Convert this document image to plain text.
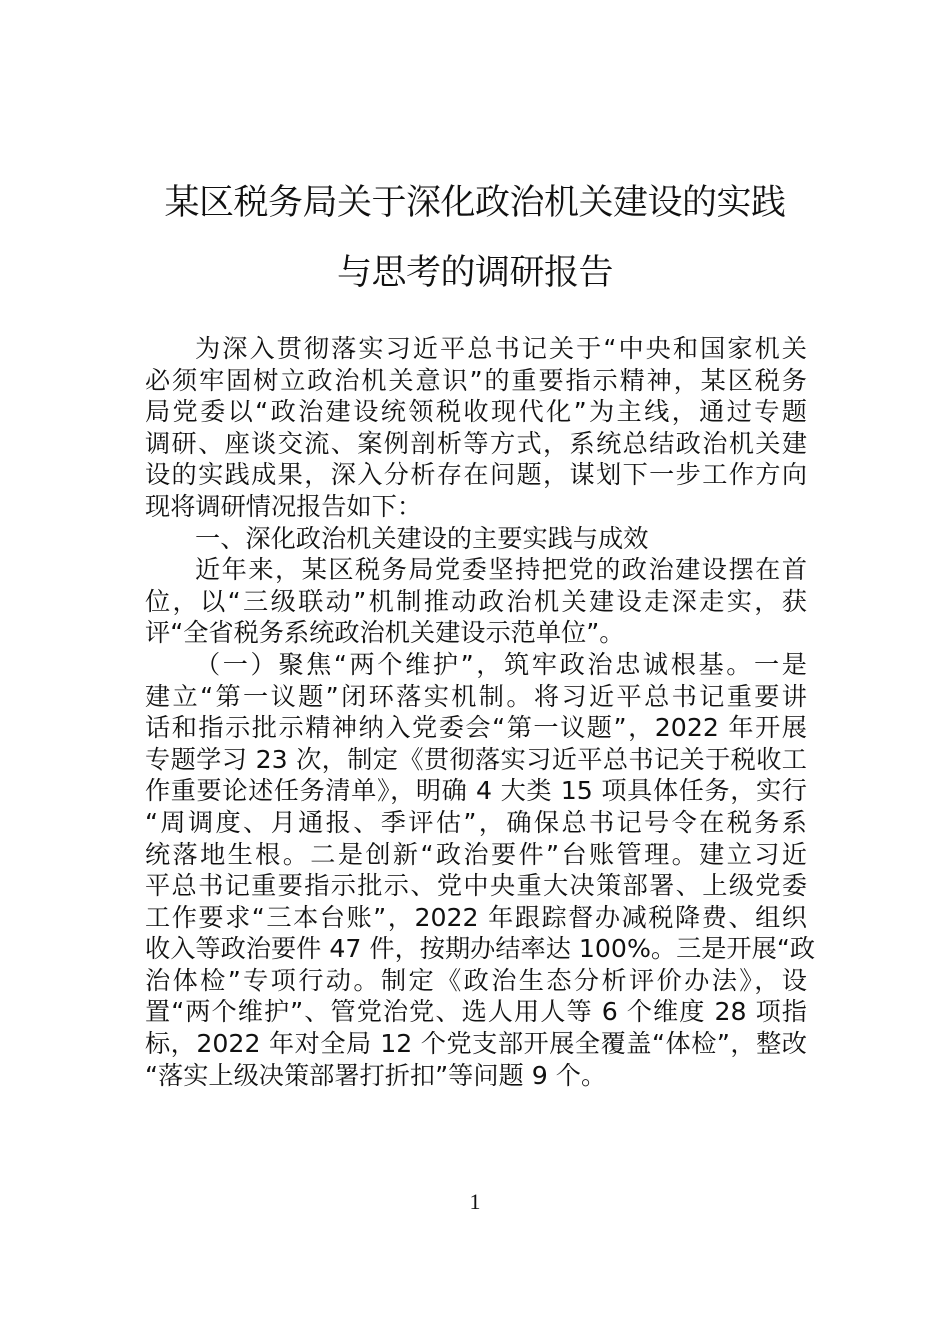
某区税务局关于深化政治机关建设的实践
与思考的调研报告
为深入贯彻落实习近平总书记关于“中央和国家机关
必须牢固树立政治机关意识”的重要指示精神，某区税务
局党委以“政治建设统领税收现代化”为主线，通过专题
调研、座谈交流、案例剖析等方式，系统总结政治机关建
设的实践成果，深入分析存在问题，谋划下一步工作方向
现将调研情况报告如下：
一、深化政治机关建设的主要实践与成效
近年来，某区税务局党委坚持把党的政治建设摆在首
位，以“三级联动”机制推动政治机关建设走深走实，获
评“全省税务系统政治机关建设示范单位”。
（一）聚焦“两个维护”，筑牢政治忠诚根基。一是
建立“第一议题”闭环落实机制。将习近平总书记重要讲
话和指示批示精神纳入党委会“第一议题”，2022 年开展
专题学习 23 次，制定《贯彻落实习近平总书记关于税收工
作重要论述任务清单》，明确 4 大类 15 项具体任务，实行
“周调度、月通报、季评估”，确保总书记号令在税务系
统落地生根。二是创新“政治要件”台账管理。建立习近
平总书记重要指示批示、党中央重大决策部署、上级党委
工作要求“三本台账”，2022 年跟踪督办减税降费、组织
收入等政治要件 47 件，按期办结率达 100%。三是开展“政
治体检”专项行动。制定《政治生态分析评价办法》，设
置“两个维护”、管党治党、选人用人等 6 个维度 28 项指
标，2022 年对全局 12 个党支部开展全覆盖“体检”，整改
“落实上级决策部署打折扣”等问题 9 个。
1
